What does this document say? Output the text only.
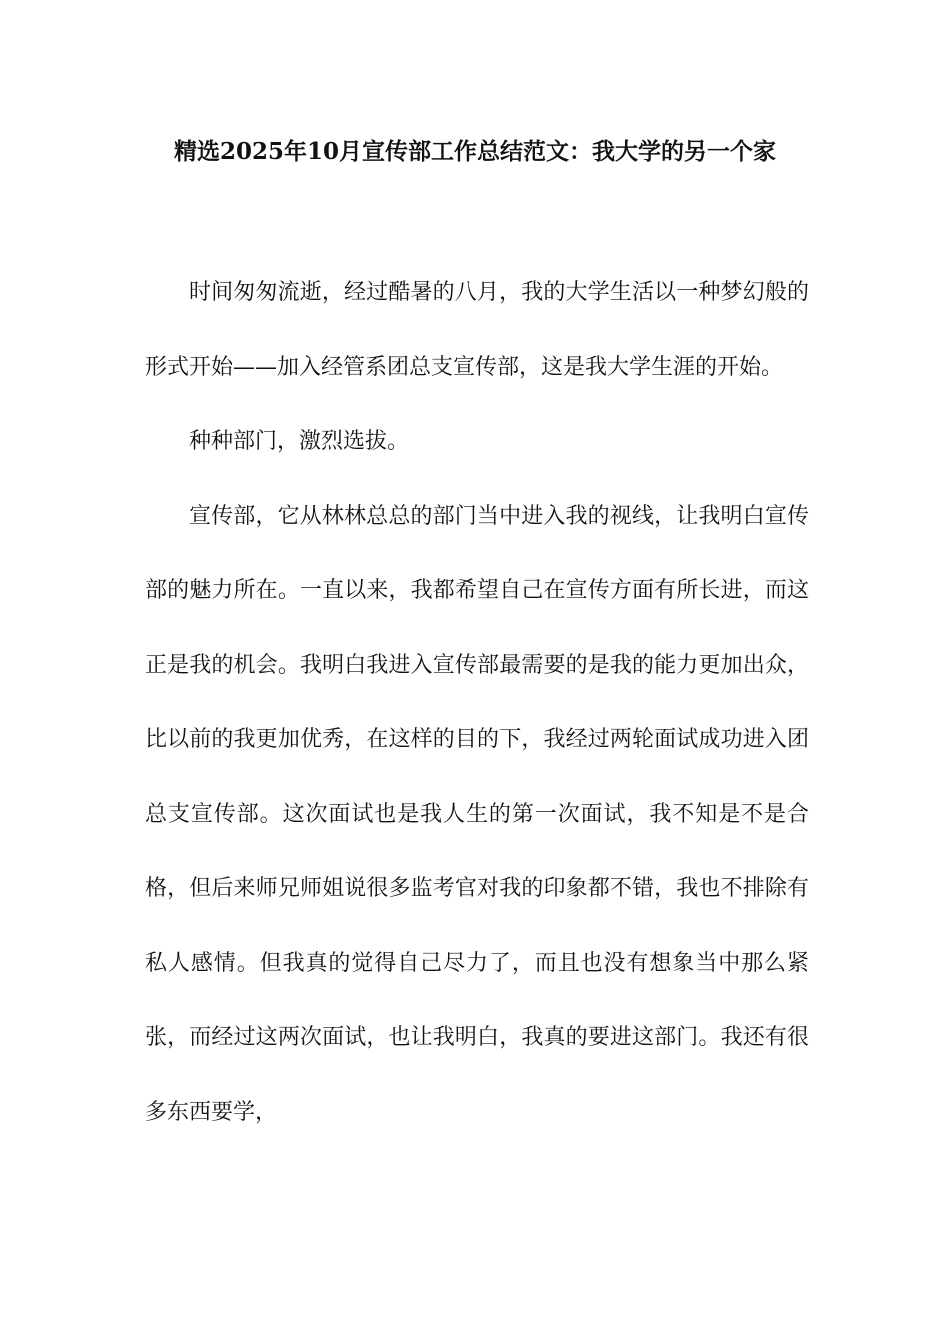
精选2025年10月宣传部工作总结范文：我大学的另一个家

时间匆匆流逝，经过酷暑的八月，我的大学生活以一种梦幻般的形式开始——加入经管系团总支宣传部，这是我大学生涯的开始。

种种部门，激烈选拔。

宣传部，它从林林总总的部门当中进入我的视线，让我明白宣传部的魅力所在。一直以来，我都希望自己在宣传方面有所长进，而这正是我的机会。我明白我进入宣传部最需要的是我的能力更加出众，比以前的我更加优秀，在这样的目的下，我经过两轮面试成功进入团总支宣传部。这次面试也是我人生的第一次面试，我不知是不是合格，但后来师兄师姐说很多监考官对我的印象都不错，我也不排除有私人感情。但我真的觉得自己尽力了，而且也没有想象当中那么紧张，而经过这两次面试，也让我明白，我真的要进这部门。我还有很多东西要学，
